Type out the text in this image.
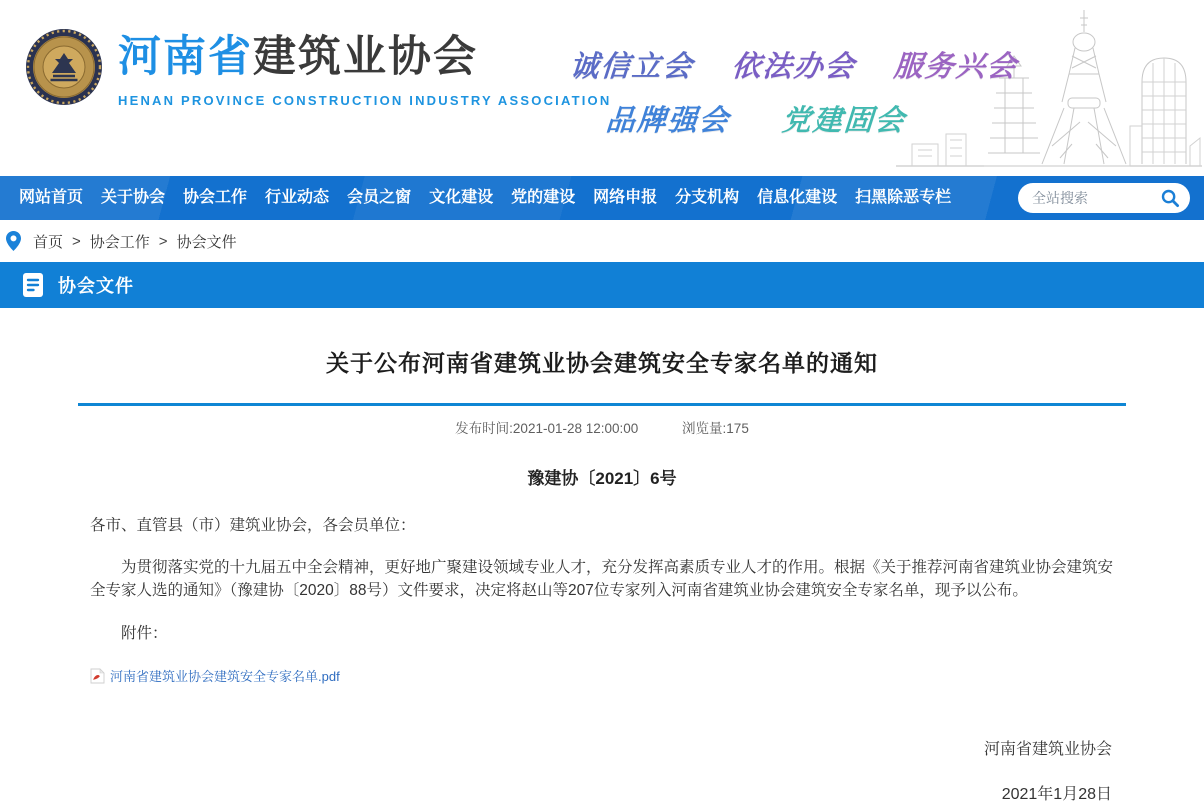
河南省建筑业协会
HENAN PROVINCE CONSTRUCTION INDUSTRY ASSOCIATION
诚信立会 依法办会 服务兴会
品牌强会 党建固会
网站首页	关于协会	协会工作	行业动态	会员之窗	文化建设	党的建设	网络申报	分支机构	信息化建设	扫黑除恶专栏
全站搜索
首页 > 协会工作 > 协会文件
协会文件
关于公布河南省建筑业协会建筑安全专家名单的通知
发布时间:2021-01-28 12:00:00	浏览量:175
豫建协〔2021〕6号

各市、直管县（市）建筑业协会，各会员单位：

为贯彻落实党的十九届五中全会精神，更好地广聚建设领域专业人才，充分发挥高素质专业人才的作用。根据《关于推荐河南省建筑业协会建筑安全专家人选的通知》（豫建协〔2020〕88号）文件要求，决定将赵山等207位专家列入河南省建筑业协会建筑安全专家名单，现予以公布。

附件：

河南省建筑业协会建筑安全专家名单.pdf
河南省建筑业协会
2021年1月28日
